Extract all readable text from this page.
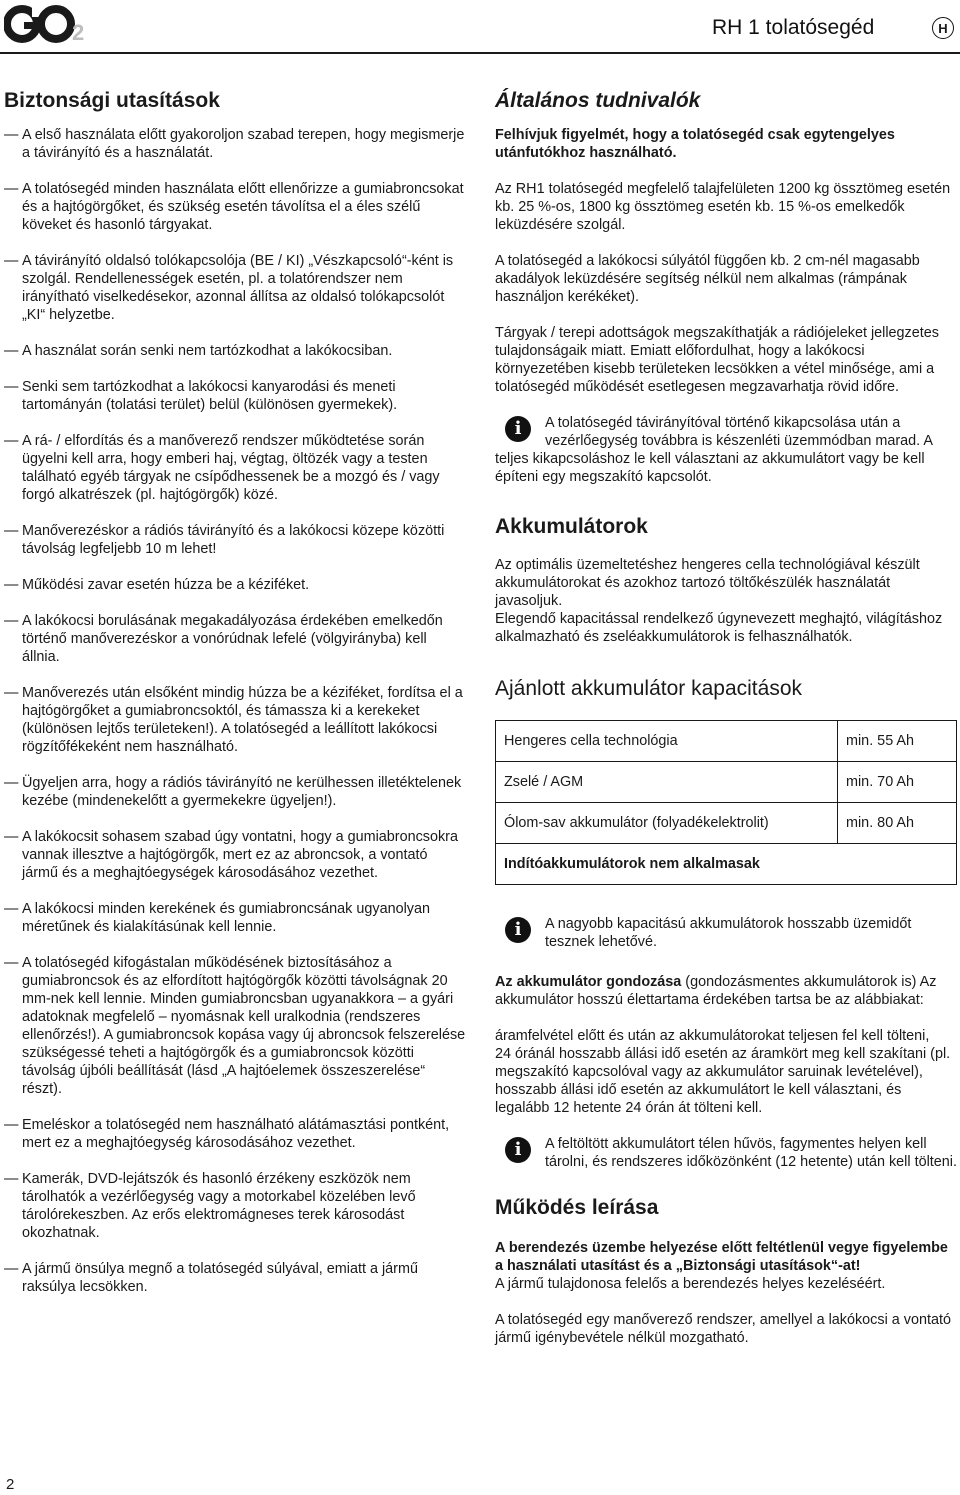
2	RH 1 tolatósegéd	H
Biztonsági utasítások
— A első használata előtt gyakoroljon szabad terepen, hogy megismerje a távirányító és a használatát.
— A tolatósegéd minden használata előtt ellenőrizze a gumiabroncsokat és a hajtógörgőket, és szükség esetén távolítsa el a éles szélű köveket és hasonló tárgyakat.
— A távirányító oldalsó tolókapcsolója (BE / KI) „Vészkapcsoló“-ként is szolgál. Rendellenességek esetén, pl. a tolatórendszer nem irányítható viselkedésekor, azonnal állítsa az oldalsó tolókapcsolót „KI“ helyzetbe.
— A használat során senki nem tartózkodhat a lakókocsiban.
— Senki sem tartózkodhat a lakókocsi kanyarodási és meneti tartományán (tolatási terület) belül (különösen gyermekek).
— A rá- / elfordítás és a manőverező rendszer működtetése során ügyelni kell arra, hogy emberi haj, végtag, öltözék vagy a testen található egyéb tárgyak ne csípődhessenek be a mozgó és / vagy forgó alkatrészek (pl. hajtógörgők) közé.
— Manőverezéskor a rádiós távirányító és a lakókocsi közepe közötti távolság legfeljebb 10 m lehet!
— Működési zavar esetén húzza be a kéziféket.
— A lakókocsi borulásának megakadályozása érdekében emelkedőn történő manőverezéskor a vonórúdnak lefelé (völgyirányba) kell állnia.
— Manőverezés után elsőként mindig húzza be a kéziféket, fordítsa el a hajtógörgőket a gumiabroncsoktól, és támassza ki a kerekeket (különösen lejtős területeken!). A tolatósegéd a leállított lakókocsi rögzítőfékeként nem használható.
— Ügyeljen arra, hogy a rádiós távirányító ne kerülhessen illetéktelenek kezébe (mindenekelőtt a gyermekekre ügyeljen!).
— A lakókocsit sohasem szabad úgy vontatni, hogy a gumiabroncsokra vannak illesztve a hajtógörgők, mert ez az abroncsok, a vontató jármű és a meghajtóegységek károsodásához vezethet.
— A lakókocsi minden kerekének és gumiabroncsának ugyanolyan méretűnek és kialakításúnak kell lennie.
— A tolatósegéd kifogástalan működésének biztosításához a gumiabroncsok és az elfordított hajtógörgők közötti távolságnak 20 mm-nek kell lennie. Minden gumiabroncsban ugyanakkora – a gyári adatoknak megfelelő – nyomásnak kell uralkodnia (rendszeres ellenőrzés!). A gumiabroncsok kopása vagy új abroncsok felszerelése szükségessé teheti a hajtógörgők és a gumiabroncsok közötti távolság újbóli beállítását (lásd „A hajtóelemek összeszerelése“ részt).
— Emeléskor a tolatósegéd nem használható alátámasztási pontként, mert ez a meghajtóegység károsodásához vezethet.
— Kamerák, DVD-lejátszók és hasonló érzékeny eszközök nem tárolhatók a vezérlőegység vagy a motorkabel közelében levő tárolórekeszben. Az erős elektromágneses terek károsodást okozhatnak.
— A jármű önsúlya megnő a tolatósegéd súlyával, emiatt a jármű raksúlya lecsökken.
Általános tudnivalók

Felhívjuk figyelmét, hogy a tolatósegéd csak egytengelyes utánfutókhoz használható.

Az RH1 tolatósegéd megfelelő talajfelületen 1200 kg össztömeg esetén kb. 25 %-os, 1800 kg össztömeg esetén kb. 15 %-os emelkedők leküzdésére szolgál.

A tolatósegéd a lakókocsi súlyától függően kb. 2 cm-nél magasabb akadályok leküzdésére segítség nélkül nem alkalmas (rámpának használjon kerékéket).

Tárgyak / terepi adottságok megszakíthatják a rádiójeleket jellegzetes tulajdonságaik miatt. Emiatt előfordulhat, hogy a lakókocsi környezetében kisebb területeken lecsökken a vétel minősége, ami a tolatósegéd működését esetlegesen megzavarhatja rövid időre.

i	A tolatósegéd távirányítóval történő kikapcsolása után a vezérlőegység továbbra is készenléti üzemmódban marad. A teljes kikapcsoláshoz le kell választani az akkumulátort vagy be kell építeni egy megszakító kapcsolót.

Akkumulátorok

Az optimális üzemeltetéshez hengeres cella technológiával készült akkumulátorokat és azokhoz tartozó töltőkészülék használatát javasoljuk.

Elegendő kapacitással rendelkező úgynevezett meghajtó, világításhoz alkalmazható és zseléakkumulátorok is felhasználhatók.

Ajánlott akkumulátor kapacitások
Hengeres cella technológia	min. 55 Ah
Zselé / AGM	min. 70 Ah
Ólom-sav akkumulátor (folyadékelektrolit)	min. 80 Ah
Indítóakkumulátorok nem alkalmasak	
i	A nagyobb kapacitású akkumulátorok hosszabb üzemidőt tesznek lehetővé.

Az akkumulátor gondozása (gondozásmentes akkumulátorok is) Az akkumulátor hosszú élettartama érdekében tartsa be az alábbiakat:

áramfelvétel előtt és után az akkumulátorokat teljesen fel kell tölteni,

24 óránál hosszabb állási idő esetén az áramkört meg kell szakítani (pl. megszakító kapcsolóval vagy az akkumulátor saruinak levételével),

hosszabb állási idő esetén az akkumulátort le kell választani, és legalább 12 hetente 24 órán át tölteni kell.

i	A feltöltött akkumulátort télen hűvös, fagymentes helyen kell tárolni, és rendszeres időközönként (12 hetente) után kell tölteni.

Működés leírása

A berendezés üzembe helyezése előtt feltétlenül vegye figyelembe a használati utasítást és a „Biztonsági utasítások“-at!

A jármű tulajdonosa felelős a berendezés helyes kezeléséért.

A tolatósegéd egy manőverező rendszer, amellyel a lakókocsi a vontató jármű igénybevétele nélkül mozgatható.

2
